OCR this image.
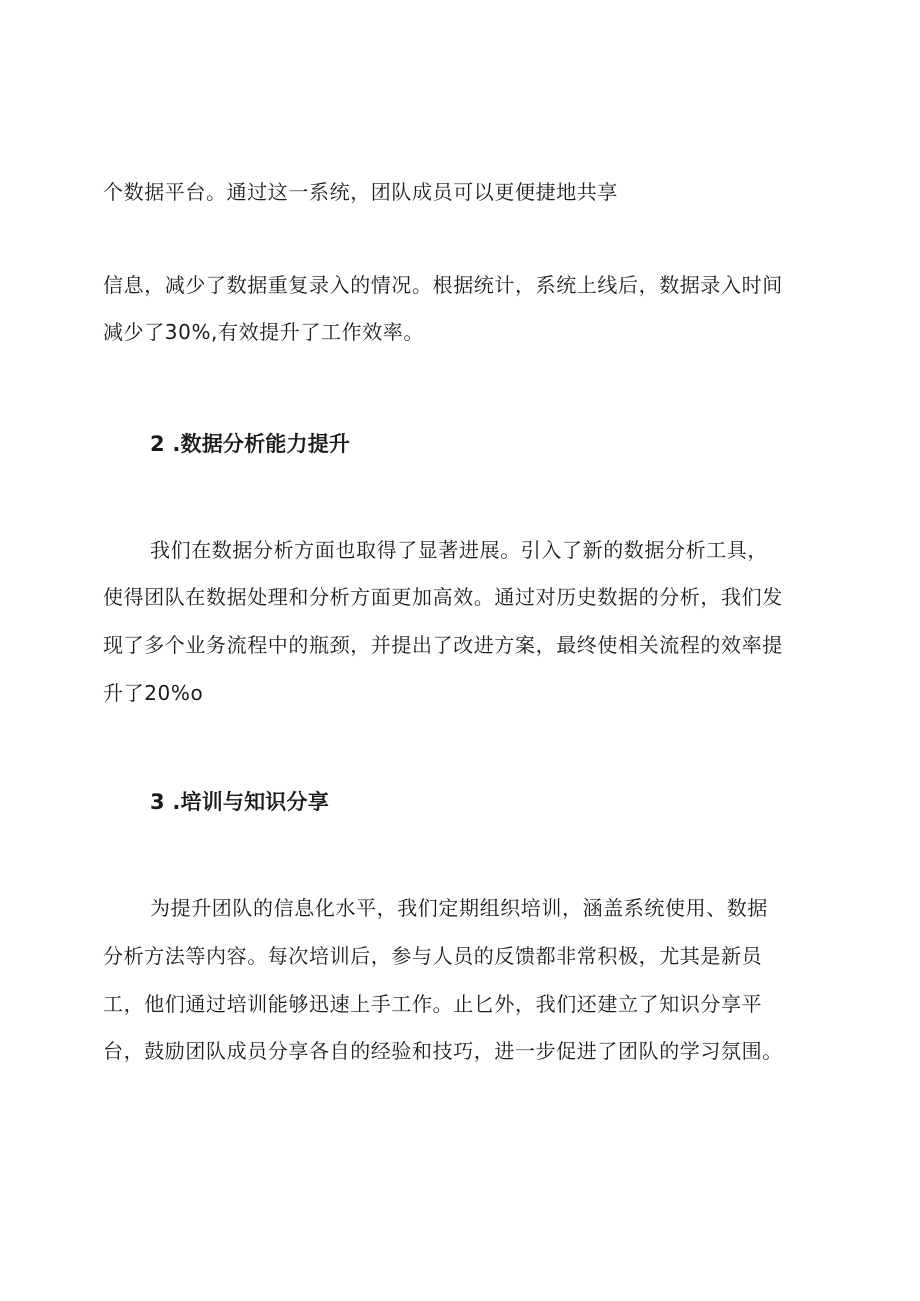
个数据平台。通过这一系统，团队成员可以更便捷地共享
信息，减少了数据重复录入的情况。根据统计，系统上线后，数据录入时间
减少了30%,有效提升了工作效率。
2 .数据分析能力提升
我们在数据分析方面也取得了显著进展。引入了新的数据分析工具，
使得团队在数据处理和分析方面更加高效。通过对历史数据的分析，我们发
现了多个业务流程中的瓶颈，并提出了改进方案，最终使相关流程的效率提
升了20%o
3 .培训与知识分享
为提升团队的信息化水平，我们定期组织培训，涵盖系统使用、数据
分析方法等内容。每次培训后，参与人员的反馈都非常积极，尤其是新员
工，他们通过培训能够迅速上手工作。止匕外，我们还建立了知识分享平
台，鼓励团队成员分享各自的经验和技巧，进一步促进了团队的学习氛围。
